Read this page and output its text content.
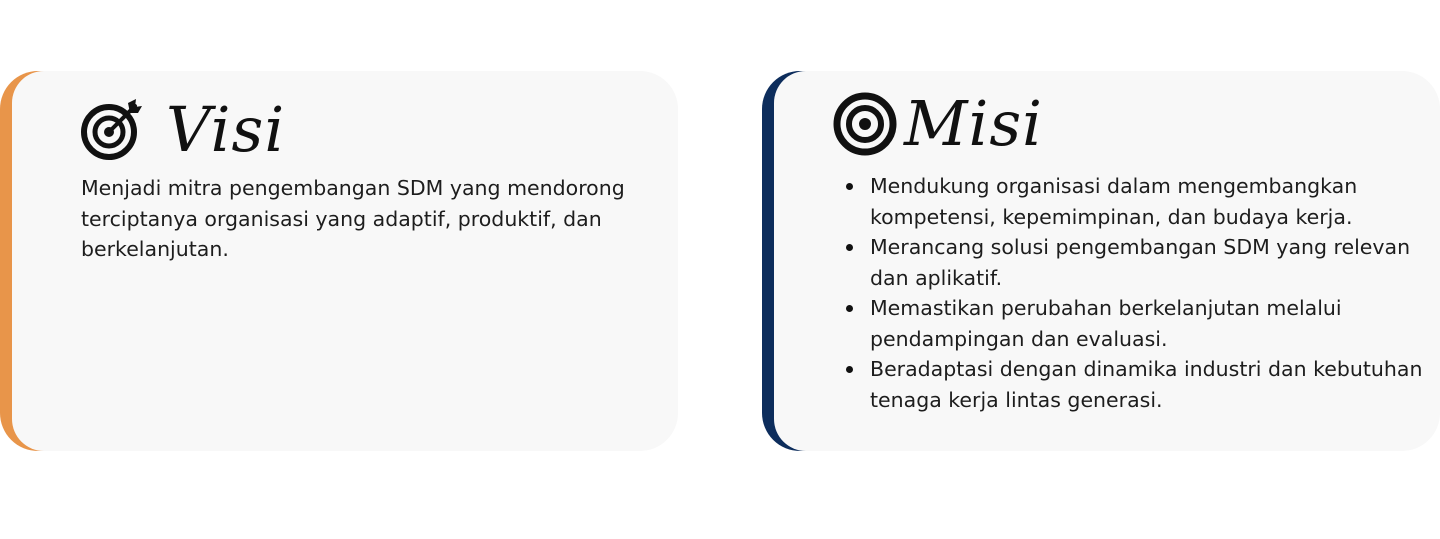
Visi

Menjadi mitra pengembangan SDM yang mendorong terciptanya organisasi yang adaptif, produktif, dan berkelanjutan.

Misi
Mendukung organisasi dalam mengembangkan kompetensi, kepemimpinan, dan budaya kerja.
Merancang solusi pengembangan SDM yang relevan dan aplikatif.
Memastikan perubahan berkelanjutan melalui pendampingan dan evaluasi.
Beradaptasi dengan dinamika industri dan kebutuhan tenaga kerja lintas generasi.
